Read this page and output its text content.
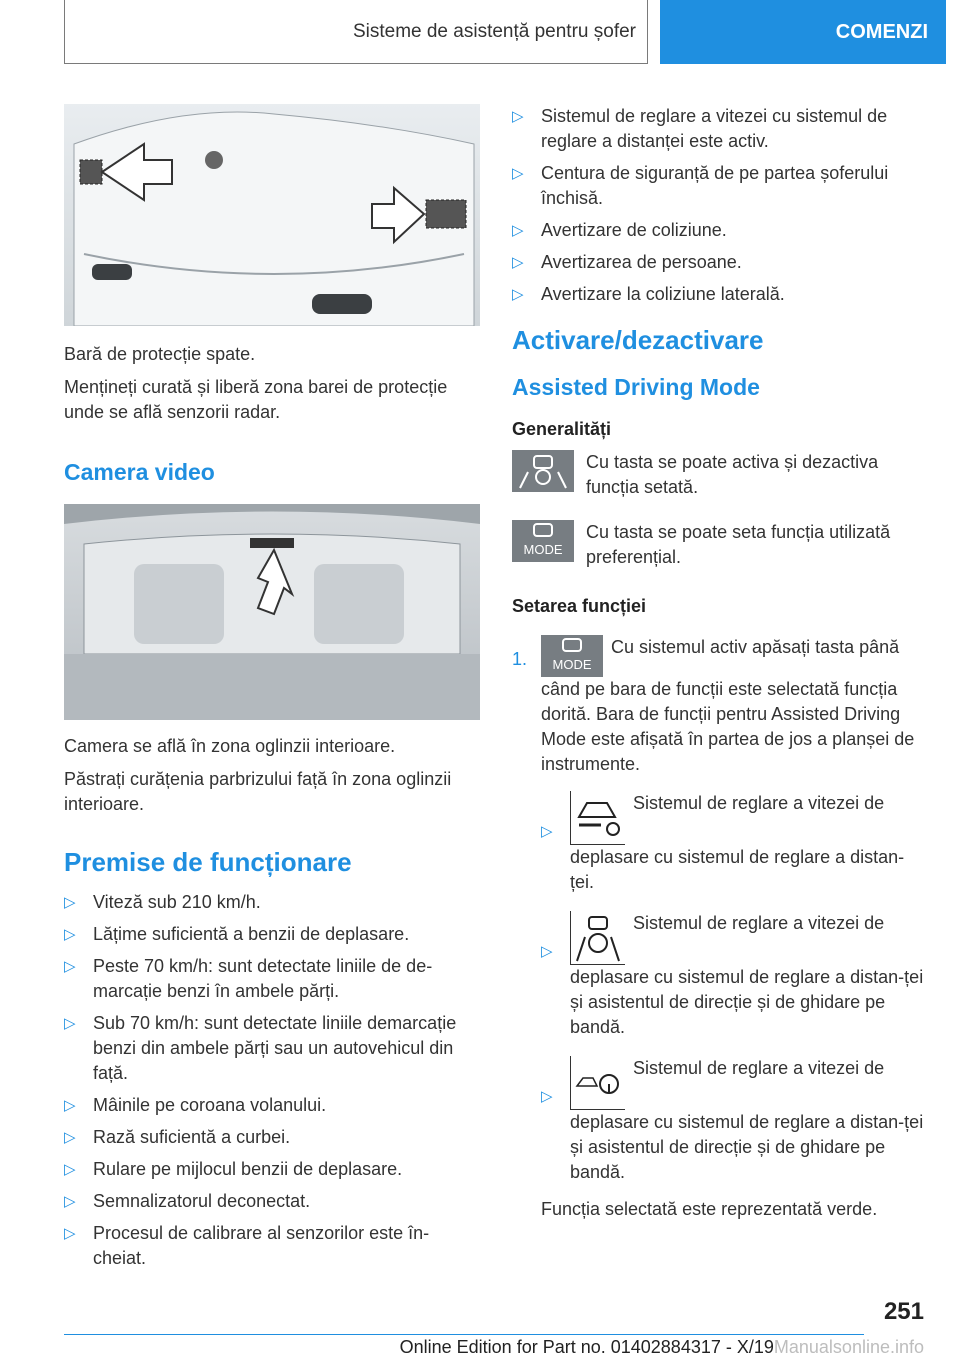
Sisteme de asistență pentru șofer	COMENZI

Bară de protecție spate.

Mențineți curată și liberă zona barei de protecție unde se află senzorii radar.

Camera video

Camera se află în zona oglinzii interioare.

Păstrați curățenia parbrizului față în zona oglinzii interioare.

Premise de funcționare
▷ Viteză sub 210 km/h.
▷ Lățime suficientă a benzii de deplasare.
▷ Peste 70 km/h: sunt detectate liniile de de-marcație benzi în ambele părți.
▷ Sub 70 km/h: sunt detectate liniile demarcație benzi din ambele părți sau un autovehicul din față.
▷ Mâinile pe coroana volanului.
▷ Rază suficientă a curbei.
▷ Rulare pe mijlocul benzii de deplasare.
▷ Semnalizatorul deconectat.
▷ Procesul de calibrare al senzorilor este în-cheiat.
▷ Sistemul de reglare a vitezei cu sistemul de reglare a distanței este activ.
▷ Centura de siguranță de pe partea șoferului închisă.
▷ Avertizare de coliziune.
▷ Avertizarea de persoane.
▷ Avertizare la coliziune laterală.
Activare/dezactivare
Assisted Driving Mode
Generalități

Cu tasta se poate activa și dezactiva funcția setată.

MODE

Cu tasta se poate seta funcția utilizată preferențial.

Setarea funcției
1. MODE
Cu sistemul activ apăsați tasta până când pe bara de funcții este selectată funcția dorită. Bara de funcții pentru Assisted Driving Mode este afișată în partea de jos a planșei de instrumente.

▷
Sistemul de reglare a vitezei de deplasare cu sistemul de reglare a distan-ței.
▷
Sistemul de reglare a vitezei de deplasare cu sistemul de reglare a distan-ței și asistentul de direcție și de ghidare pe bandă.
▷
Sistemul de reglare a vitezei de deplasare cu sistemul de reglare a distan-ței și asistentul de direcție și de ghidare pe bandă.

Funcția selectată este reprezentată verde.

251
Online Edition for Part no. 01402884317 - X/19Manualsonline.info
